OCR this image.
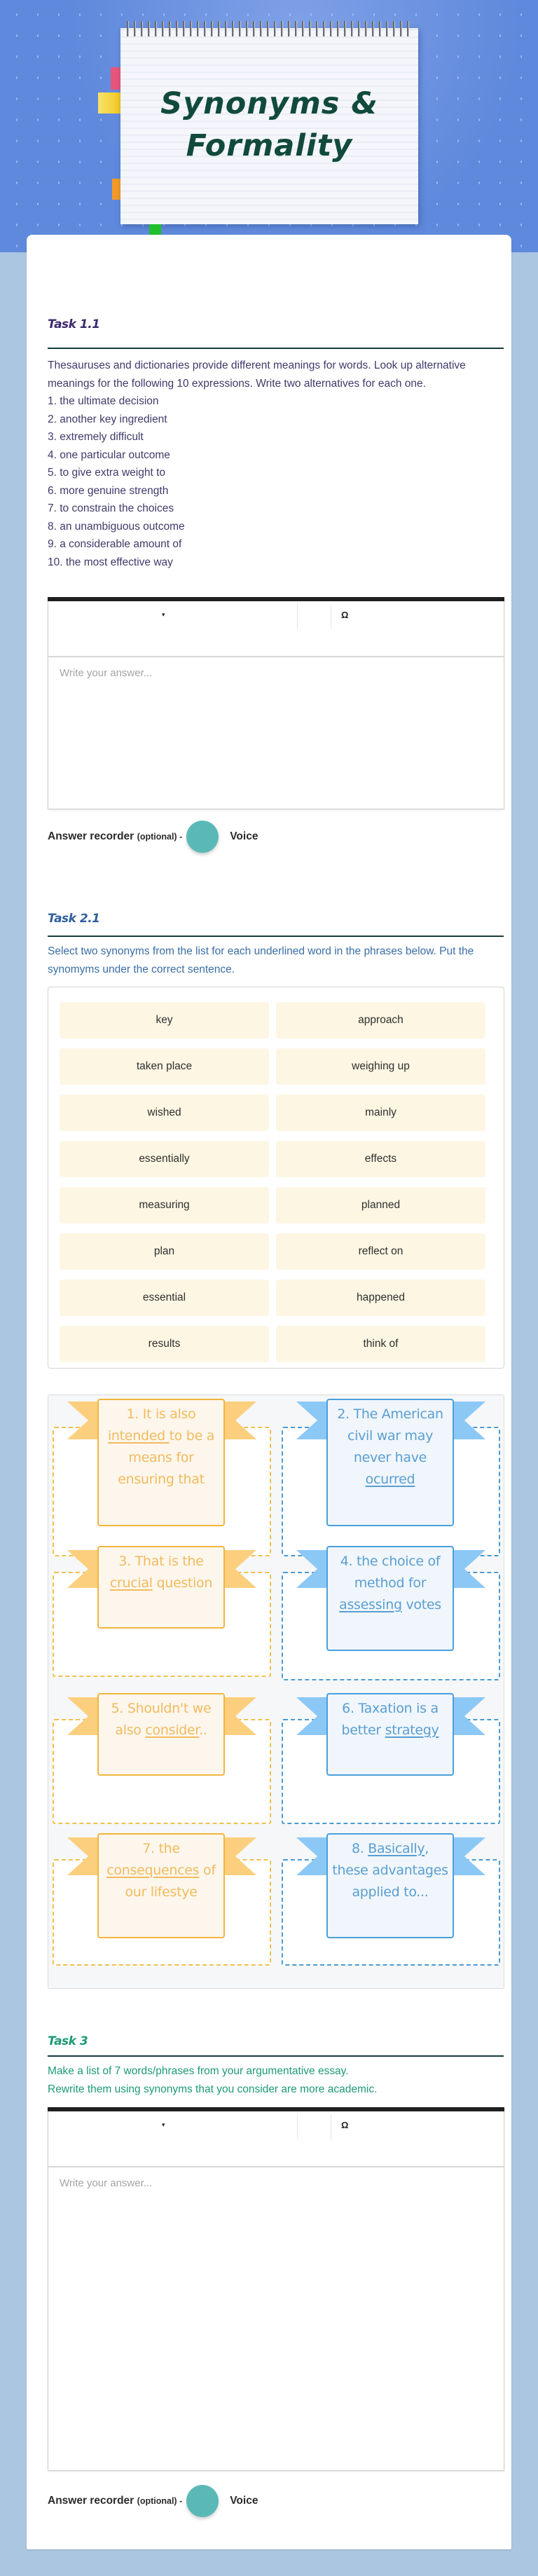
Synonyms &
Formality
Task 1.1
Thesauruses and dictionaries provide different meanings for words. Look up alternative meanings for the following 10 expressions. Write two alternatives for each one.
1. the ultimate decision
2. another key ingredient
3. extremely difficult
4. one particular outcome
5. to give extra weight to
6. more genuine strength
7. to constrain the choices
8. an unambiguous outcome
9. a considerable amount of
10. the most effective way
▾	Ω
Write your answer...
Answer recorder
(optional) -	Voice
Task 2.1
Select two synonyms from the list for each underlined word in the phrases below. Put the synomyms under the correct sentence.
key	approach
taken place	weighing up
wished	mainly
essentially	effects
measuring	planned
plan	reflect on
essential	happened
results	think of
1. It is also intended to be a means for ensuring that
2. The American civil war may never have ocurred
3. That is the
crucial question
4. the choice of method for assessing votes
5. Shouldn't we also consider..
6. Taxation is a better strategy
7. the consequences of our lifestye
8. Basically, these advantages applied to...
Task 3
Make a list of 7 words/phrases from your argumentative essay.
Rewrite them using synonyms that you consider are more academic.
▾	Ω
Write your answer...
Answer recorder
(optional) -	Voice
